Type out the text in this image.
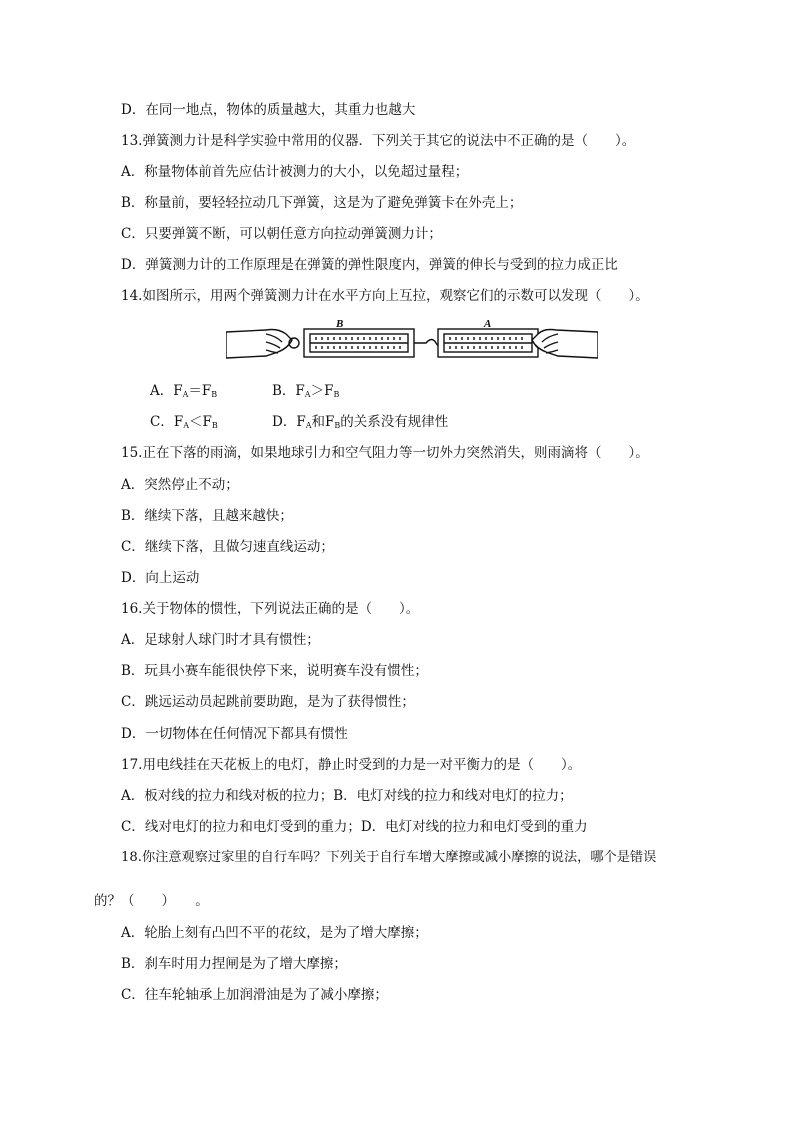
D．在同一地点，物体的质量越大，其重力也越大
13.弹簧测力计是科学实验中常用的仪器．下列关于其它的说法中不正确的是（　　）。
A．称量物体前首先应估计被测力的大小，以免超过量程；
B．称量前，要轻轻拉动几下弹簧，这是为了避免弹簧卡在外壳上；
C．只要弹簧不断，可以朝任意方向拉动弹簧测力计；
D．弹簧测力计的工作原理是在弹簧的弹性限度内，弹簧的伸长与受到的拉力成正比
14.如图所示，用两个弹簧测力计在水平方向上互拉，观察它们的示数可以发现（　　）。
B	A
A．$F_A=F_B$	B．$F_A>F_B$
C．$F_A<F_B$	D．$F_A$和$F_B$的关系没有规律性
15.正在下落的雨滴，如果地球引力和空气阻力等一切外力突然消失，则雨滴将（　　）。
A．突然停止不动；
B．继续下落，且越来越快；
C．继续下落，且做匀速直线运动；
D．向上运动
16.关于物体的惯性，下列说法正确的是（　　）。
A．足球射人球门时才具有惯性；
B．玩具小赛车能很快停下来，说明赛车没有惯性；
C．跳远运动员起跳前要助跑，是为了获得惯性；
D．一切物体在任何情况下都具有惯性
17.用电线挂在天花板上的电灯，静止时受到的力是一对平衡力的是（　　）。
A．板对线的拉力和线对板的拉力；B．电灯对线的拉力和线对电灯的拉力；
C．线对电灯的拉力和电灯受到的重力；D．电灯对线的拉力和电灯受到的重力
18.你注意观察过家里的自行车吗？下列关于自行车增大摩擦或减小摩擦的说法，哪个是错误
的？（　　）　　。
A．轮胎上刻有凸凹不平的花纹，是为了增大摩擦；
B．刹车时用力捏闸是为了增大摩擦；
C．往车轮轴承上加润滑油是为了减小摩擦；
